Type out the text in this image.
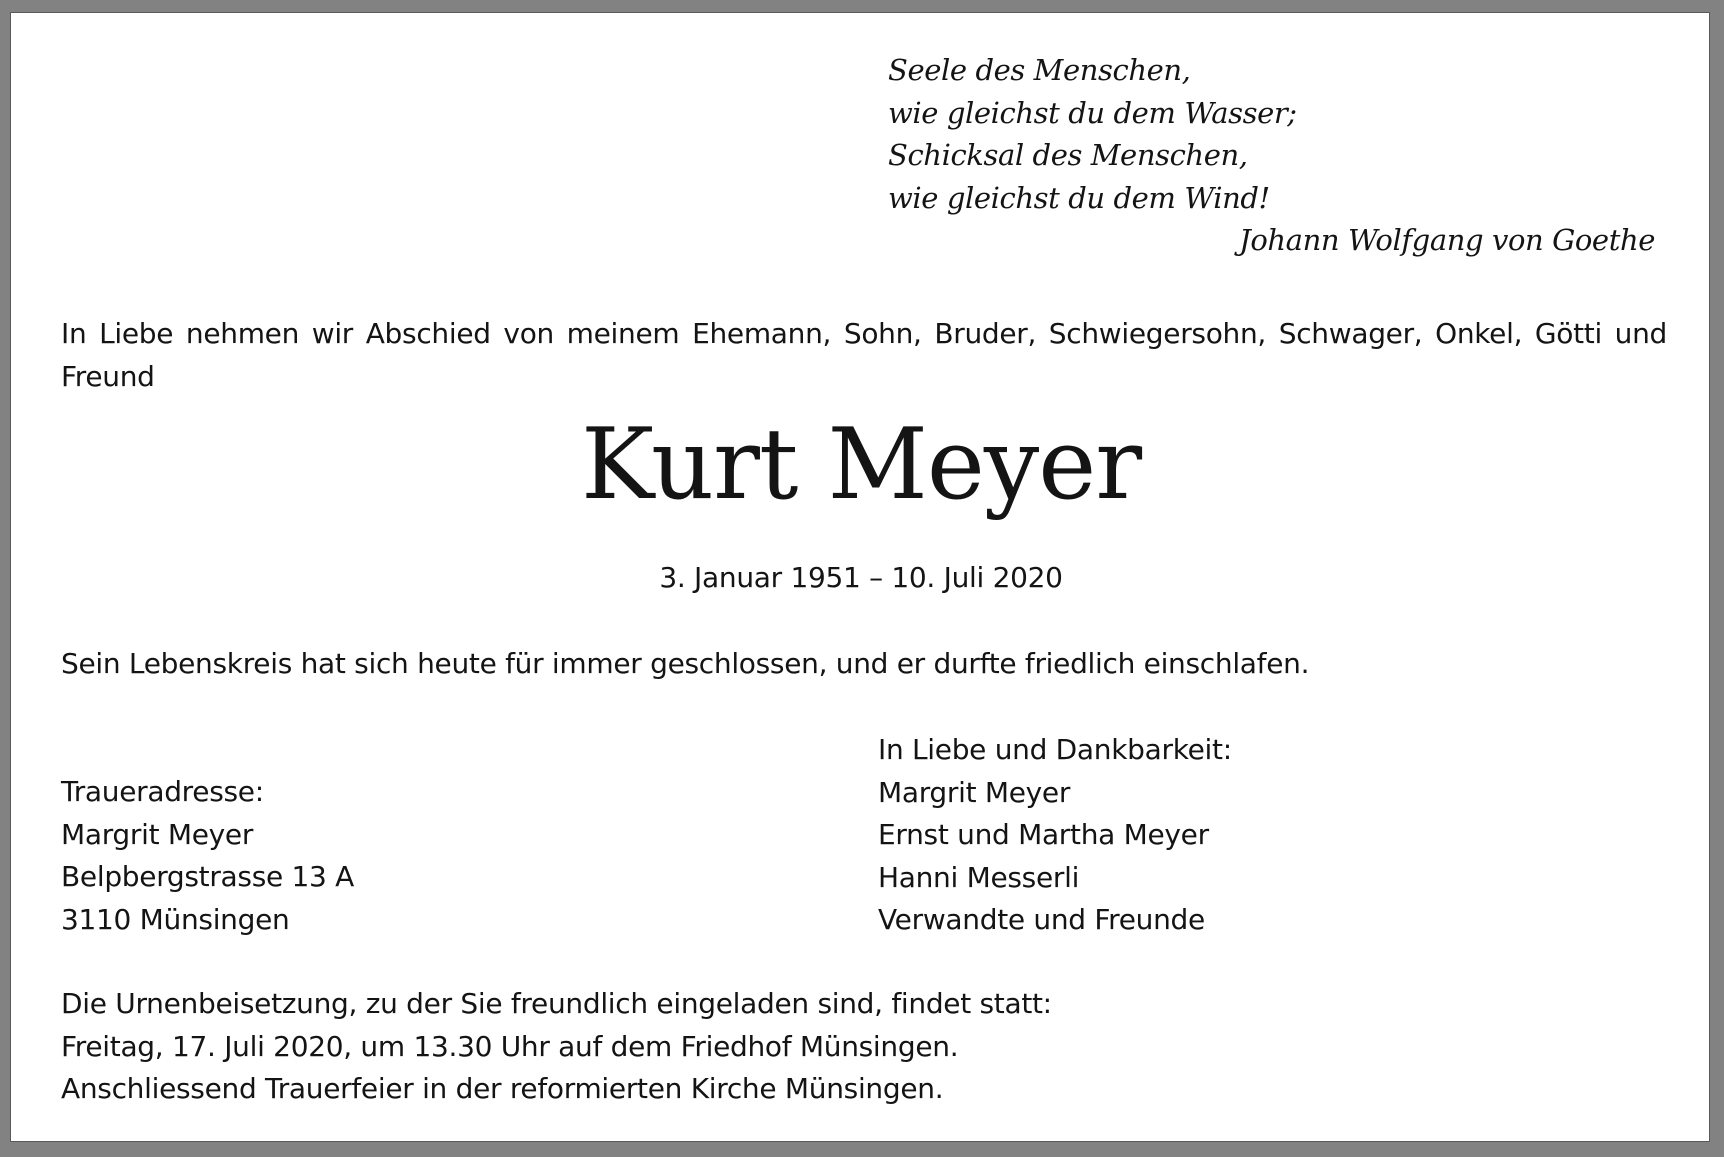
Seele des Menschen,
wie gleichst du dem Wasser;
Schicksal des Menschen,
wie gleichst du dem Wind!
Johann Wolfgang von Goethe
In Liebe nehmen wir Abschied von meinem Ehemann, Sohn, Bruder, Schwiegersohn, Schwager, Onkel, Götti und Freund
Kurt Meyer
3. Januar 1951 – 10. Juli 2020
Sein Lebenskreis hat sich heute für immer geschlossen, und er durfte friedlich einschlafen.
Traueradresse:
Margrit Meyer
Belpbergstrasse 13 A
3110 Münsingen
In Liebe und Dankbarkeit:
Margrit Meyer
Ernst und Martha Meyer
Hanni Messerli
Verwandte und Freunde
Die Urnenbeisetzung, zu der Sie freundlich eingeladen sind, findet statt:
Freitag, 17. Juli 2020, um 13.30 Uhr auf dem Friedhof Münsingen.
Anschliessend Trauerfeier in der reformierten Kirche Münsingen.
